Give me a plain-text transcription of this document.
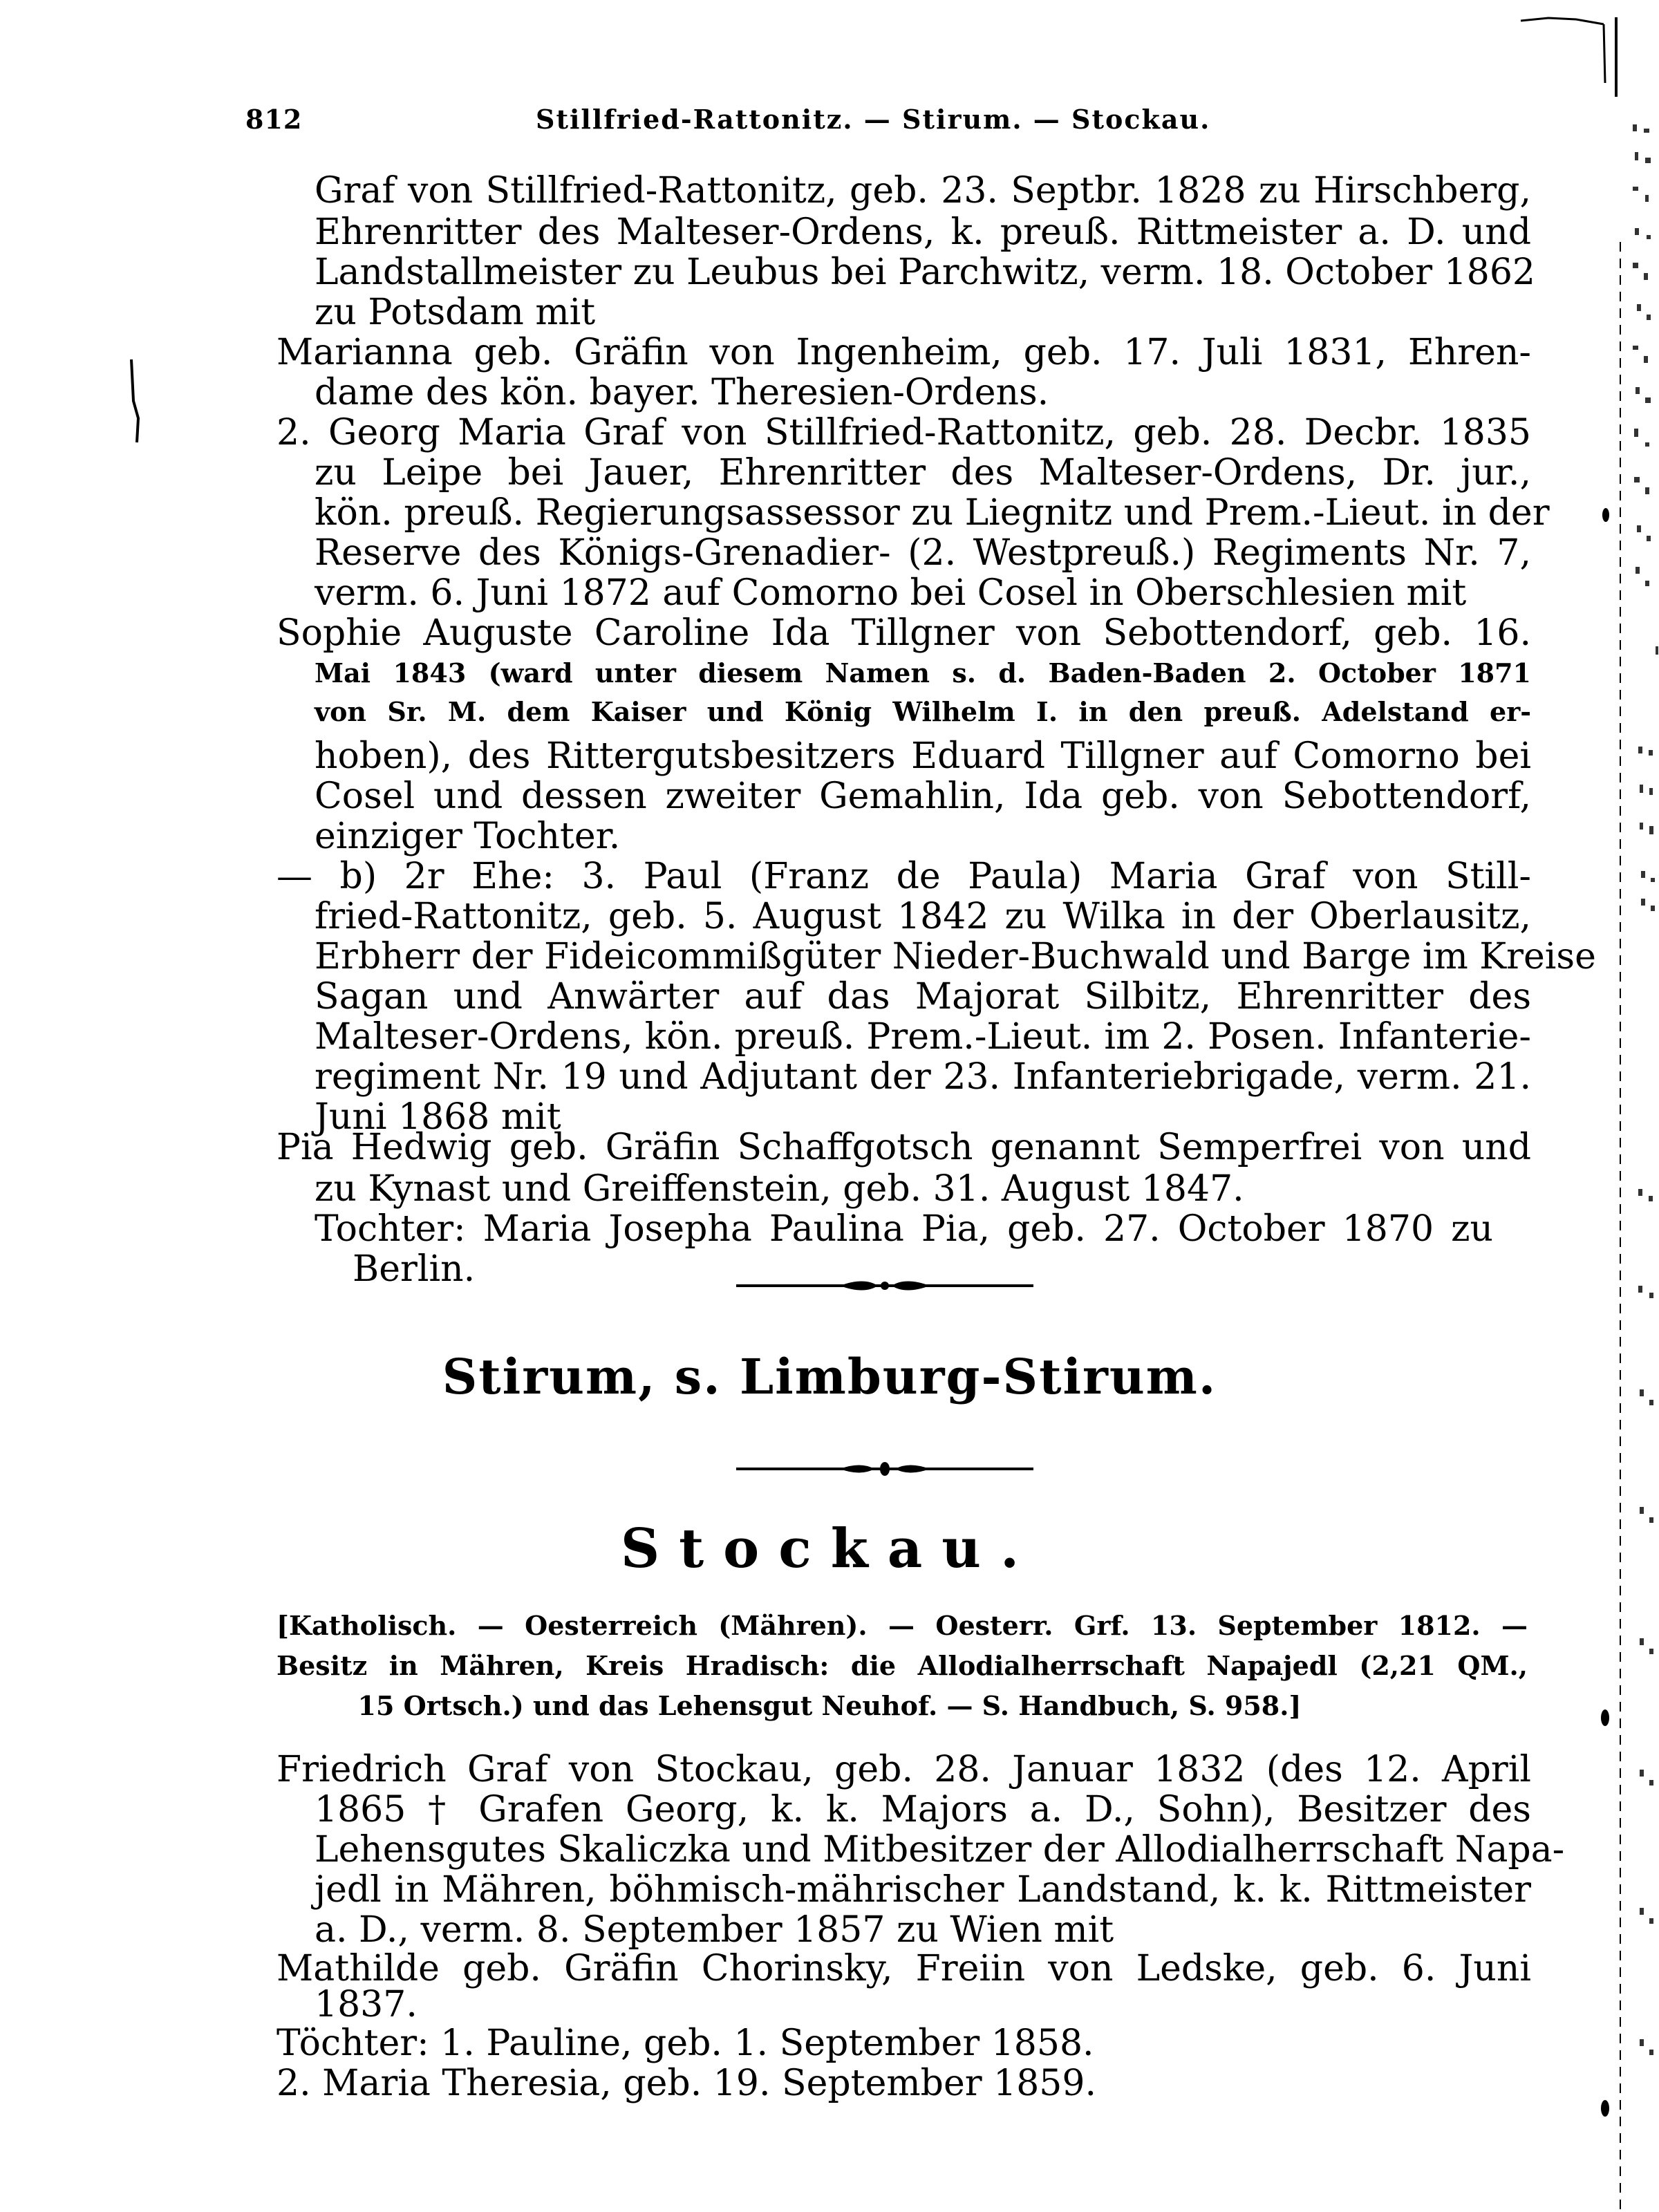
812	Stillfried-Rattonitz. — Stirum. — Stockau.
Graf von Stillfried-Rattonitz, geb. 23. Septbr. 1828 zu Hirschberg,
Ehrenritter des Malteser-Ordens, k. preuß. Rittmeister a. D. und
Landstallmeister zu Leubus bei Parchwitz, verm. 18. October 1862
zu Potsdam mit
Marianna geb. Gräfin von Ingenheim, geb. 17. Juli 1831, Ehren-
dame des kön. bayer. Theresien-Ordens.
2. Georg Maria Graf von Stillfried-Rattonitz, geb. 28. Decbr. 1835
zu Leipe bei Jauer, Ehrenritter des Malteser-Ordens, Dr. jur.,
kön. preuß. Regierungsassessor zu Liegnitz und Prem.-Lieut. in der
Reserve des Königs-Grenadier- (2. Westpreuß.) Regiments Nr. 7,
verm. 6. Juni 1872 auf Comorno bei Cosel in Oberschlesien mit
Sophie Auguste Caroline Ida Tillgner von Sebottendorf, geb. 16.
Mai 1843 (ward unter diesem Namen s. d. Baden-Baden 2. October 1871
von Sr. M. dem Kaiser und König Wilhelm I. in den preuß. Adelstand er-
hoben), des Rittergutsbesitzers Eduard Tillgner auf Comorno bei
Cosel und dessen zweiter Gemahlin, Ida geb. von Sebottendorf,
einziger Tochter.
— b) 2r Ehe: 3. Paul (Franz de Paula) Maria Graf von Still-
fried-Rattonitz, geb. 5. August 1842 zu Wilka in der Oberlausitz,
Erbherr der Fideicommißgüter Nieder-Buchwald und Barge im Kreise
Sagan und Anwärter auf das Majorat Silbitz, Ehrenritter des
Malteser-Ordens, kön. preuß. Prem.-Lieut. im 2. Posen. Infanterie-
regiment Nr. 19 und Adjutant der 23. Infanteriebrigade, verm. 21.
Juni 1868 mit
Pia Hedwig geb. Gräfin Schaffgotsch genannt Semperfrei von und
zu Kynast und Greiffenstein, geb. 31. August 1847.
Tochter: Maria Josepha Paulina Pia, geb. 27. October 1870 zu
Berlin.
Stirum, s. Limburg-Stirum.
Stockau.
[Katholisch. — Oesterreich (Mähren). — Oesterr. Grf. 13. September 1812. —
Besitz in Mähren, Kreis Hradisch: die Allodialherrschaft Napajedl (2,21 QM.,
15 Ortsch.) und das Lehensgut Neuhof. — S. Handbuch, S. 958.]
Friedrich Graf von Stockau, geb. 28. Januar 1832 (des 12. April
1865 † Grafen Georg, k. k. Majors a. D., Sohn), Besitzer des
Lehensgutes Skaliczka und Mitbesitzer der Allodialherrschaft Napa-
jedl in Mähren, böhmisch-mährischer Landstand, k. k. Rittmeister
a. D., verm. 8. September 1857 zu Wien mit
Mathilde geb. Gräfin Chorinsky, Freiin von Ledske, geb. 6. Juni
1837.
Töchter: 1. Pauline, geb. 1. September 1858.
2. Maria Theresia, geb. 19. September 1859.
